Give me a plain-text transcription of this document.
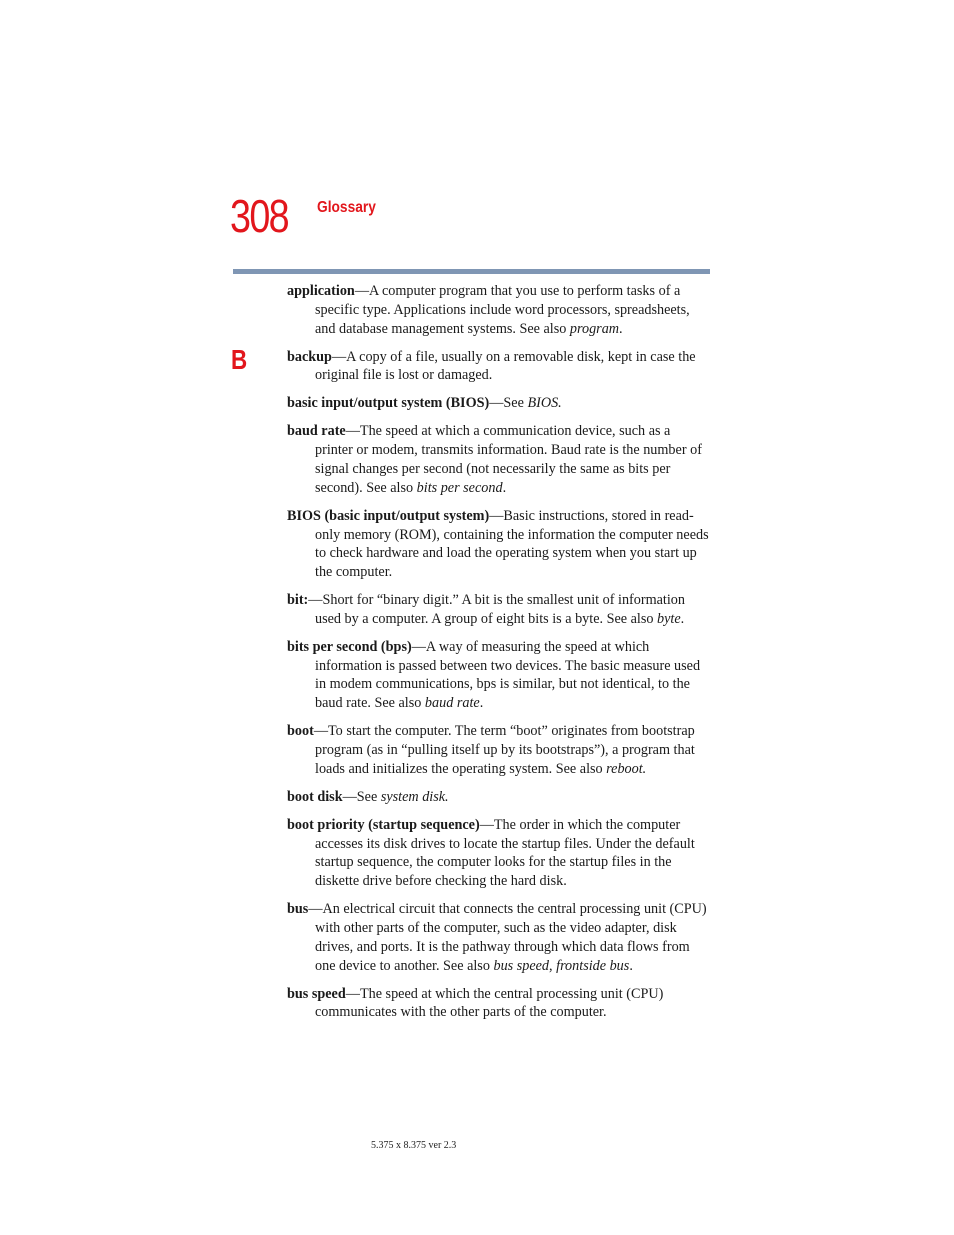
308 Glossary
B

application—A computer program that you use to perform tasks of a specific type. Applications include word processors, spreadsheets, and database management systems. See also program.

backup—A copy of a file, usually on a removable disk, kept in case the original file is lost or damaged.

basic input/output system (BIOS)—See BIOS.

baud rate—The speed at which a communication device, such as a printer or modem, transmits information. Baud rate is the number of signal changes per second (not necessarily the same as bits per second). See also bits per second.

BIOS (basic input/output system)—Basic instructions, stored in read-only memory (ROM), containing the information the computer needs to check hardware and load the operating system when you start up the computer.

bit:—Short for “binary digit.” A bit is the smallest unit of information used by a computer. A group of eight bits is a byte. See also byte.

bits per second (bps)—A way of measuring the speed at which information is passed between two devices. The basic measure used in modem communications, bps is similar, but not identical, to the baud rate. See also baud rate.

boot—To start the computer. The term “boot” originates from bootstrap program (as in “pulling itself up by its bootstraps”), a program that loads and initializes the operating system. See also reboot.

boot disk—See system disk.

boot priority (startup sequence)—The order in which the computer accesses its disk drives to locate the startup files. Under the default startup sequence, the computer looks for the startup files in the diskette drive before checking the hard disk.

bus—An electrical circuit that connects the central processing unit (CPU) with other parts of the computer, such as the video adapter, disk drives, and ports. It is the pathway through which data flows from one device to another. See also bus speed, frontside bus.

bus speed—The speed at which the central processing unit (CPU) communicates with the other parts of the computer.

5.375 x 8.375 ver 2.3
